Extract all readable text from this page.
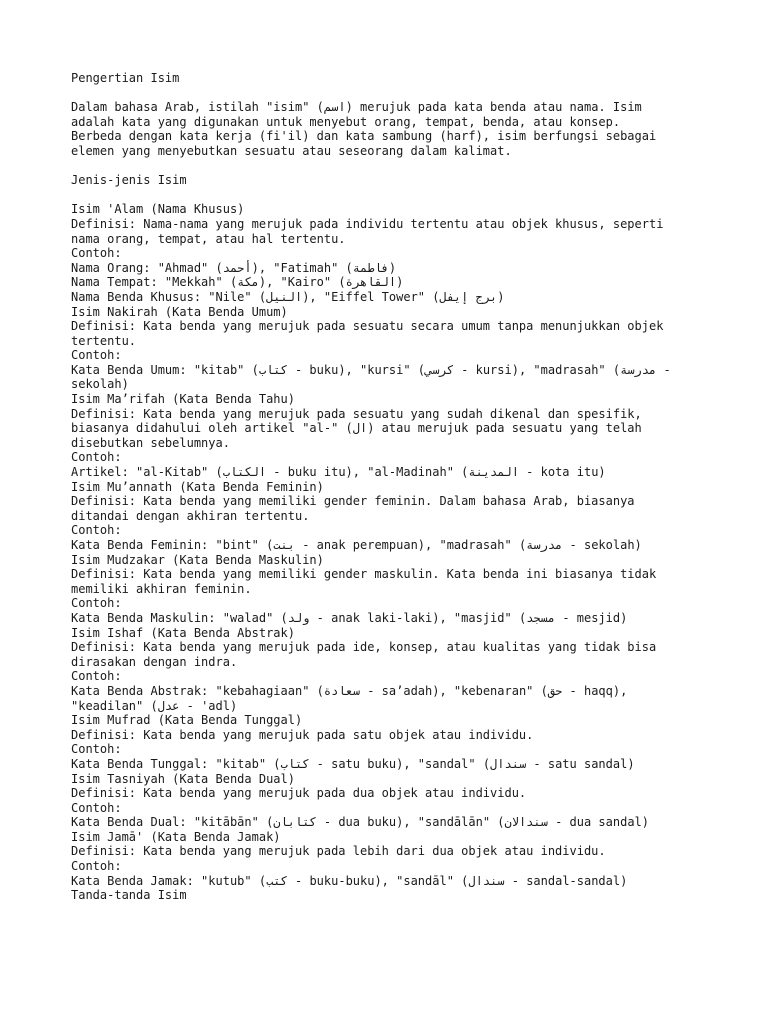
Pengertian Isim
Dalam bahasa Arab, istilah "isim" (اسم) merujuk pada kata benda atau nama. Isim
adalah kata yang digunakan untuk menyebut orang, tempat, benda, atau konsep.
Berbeda dengan kata kerja (fi'il) dan kata sambung (harf), isim berfungsi sebagai
elemen yang menyebutkan sesuatu atau seseorang dalam kalimat.
Jenis-jenis Isim
Isim 'Alam (Nama Khusus)
Definisi: Nama-nama yang merujuk pada individu tertentu atau objek khusus, seperti
nama orang, tempat, atau hal tertentu.
Contoh:
Nama Orang: "Ahmad" (أحمد), "Fatimah" (فاطمة)
Nama Tempat: "Mekkah" (مكة), "Kairo" (القاهرة)
Nama Benda Khusus: "Nile" (النيل), "Eiffel Tower" (برج إيفل)
Isim Nakirah (Kata Benda Umum)
Definisi: Kata benda yang merujuk pada sesuatu secara umum tanpa menunjukkan objek
tertentu.
Contoh:
Kata Benda Umum: "kitab" (كتاب - buku), "kursi" (كرسي - kursi), "madrasah" (مدرسة -
sekolah)
Isim Ma’rifah (Kata Benda Tahu)
Definisi: Kata benda yang merujuk pada sesuatu yang sudah dikenal dan spesifik,
biasanya didahului oleh artikel "al-" (ال) atau merujuk pada sesuatu yang telah
disebutkan sebelumnya.
Contoh:
Artikel: "al-Kitab" (الكتاب - buku itu), "al-Madinah" (المدينة - kota itu)
Isim Mu’annath (Kata Benda Feminin)
Definisi: Kata benda yang memiliki gender feminin. Dalam bahasa Arab, biasanya
ditandai dengan akhiran tertentu.
Contoh:
Kata Benda Feminin: "bint" (بنت - anak perempuan), "madrasah" (مدرسة - sekolah)
Isim Mudzakar (Kata Benda Maskulin)
Definisi: Kata benda yang memiliki gender maskulin. Kata benda ini biasanya tidak
memiliki akhiran feminin.
Contoh:
Kata Benda Maskulin: "walad" (ولد - anak laki-laki), "masjid" (مسجد - mesjid)
Isim Ishaf (Kata Benda Abstrak)
Definisi: Kata benda yang merujuk pada ide, konsep, atau kualitas yang tidak bisa
dirasakan dengan indra.
Contoh:
Kata Benda Abstrak: "kebahagiaan" (سعادة - sa’adah), "kebenaran" (حق - haqq),
"keadilan" (عدل - 'adl)
Isim Mufrad (Kata Benda Tunggal)
Definisi: Kata benda yang merujuk pada satu objek atau individu.
Contoh:
Kata Benda Tunggal: "kitab" (كتاب - satu buku), "sandal" (سندال - satu sandal)
Isim Tasniyah (Kata Benda Dual)
Definisi: Kata benda yang merujuk pada dua objek atau individu.
Contoh:
Kata Benda Dual: "kitābān" (كتابان - dua buku), "sandālān" (سندالان - dua sandal)
Isim Jamā' (Kata Benda Jamak)
Definisi: Kata benda yang merujuk pada lebih dari dua objek atau individu.
Contoh:
Kata Benda Jamak: "kutub" (كتب - buku-buku), "sandāl" (سندال - sandal-sandal)
Tanda-tanda Isim
